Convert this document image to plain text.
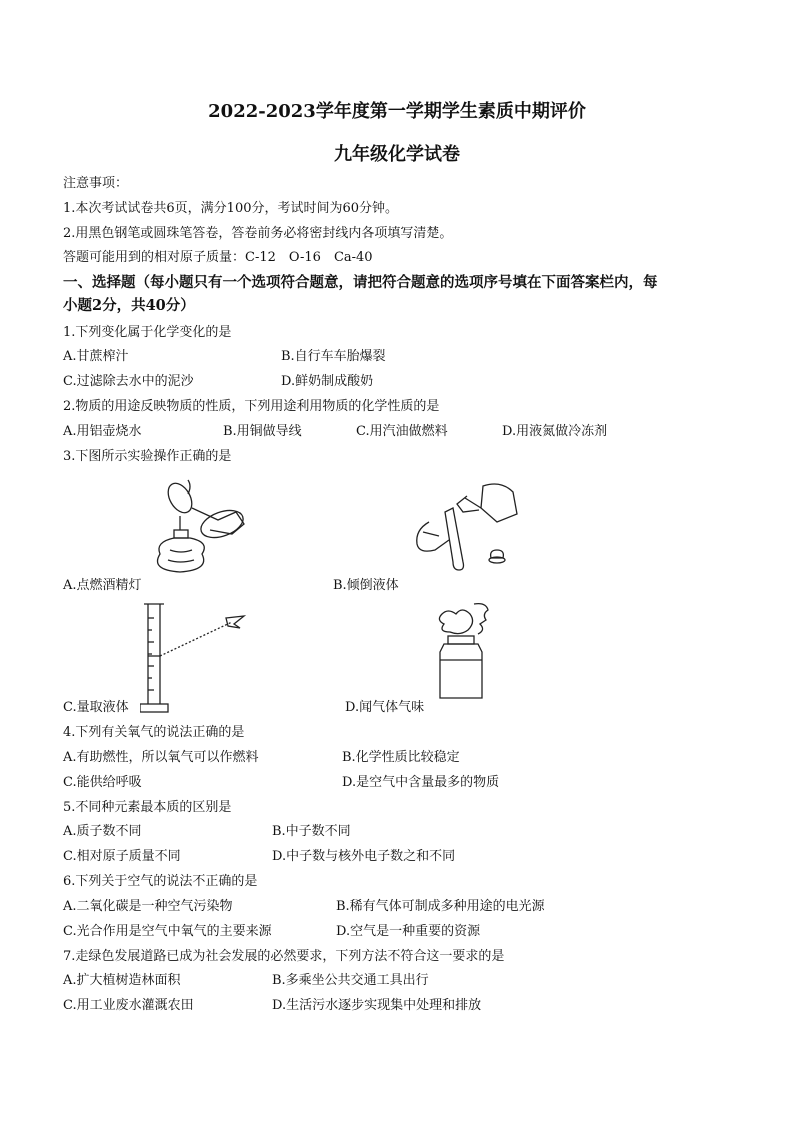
2022-2023学年度第一学期学生素质中期评价
九年级化学试卷
注意事项：
1.本次考试试卷共6页，满分100分，考试时间为60分钟。
2.用黑色钢笔或圆珠笔答卷，答卷前务必将密封线内各项填写清楚。
答题可能用到的相对原子质量：C-12　O-16　Ca-40
一、选择题（每小题只有一个选项符合题意，请把符合题意的选项序号填在下面答案栏内，每
小题2分，共40分）
1.下列变化属于化学变化的是
A.甘蔗榨汁	B.自行车车胎爆裂
C.过滤除去水中的泥沙	D.鲜奶制成酸奶
2.物质的用途反映物质的性质，下列用途利用物质的化学性质的是
A.用铝壶烧水	B.用铜做导线	C.用汽油做燃料	D.用液氮做冷冻剂
3.下图所示实验操作正确的是
A.点燃酒精灯	B.倾倒液体
C.量取液体	D.闻气体气味
4.下列有关氧气的说法正确的是
A.有助燃性，所以氧气可以作燃料	B.化学性质比较稳定
C.能供给呼吸	D.是空气中含量最多的物质
5.不同种元素最本质的区别是
A.质子数不同	B.中子数不同
C.相对原子质量不同	D.中子数与核外电子数之和不同
6.下列关于空气的说法不正确的是
A.二氧化碳是一种空气污染物	B.稀有气体可制成多种用途的电光源
C.光合作用是空气中氧气的主要来源	D.空气是一种重要的资源
7.走绿色发展道路已成为社会发展的必然要求，下列方法不符合这一要求的是
A.扩大植树造林面积	B.多乘坐公共交通工具出行
C.用工业废水灌溉农田	D.生活污水逐步实现集中处理和排放
